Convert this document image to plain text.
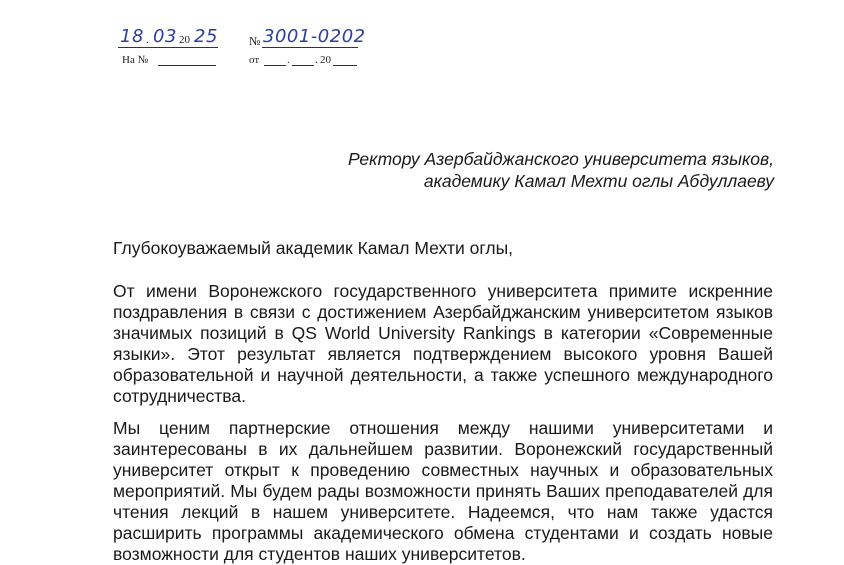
18 . 03 20 25	№ 3001-0202
На №	от	. . 20
Ректору Азербайджанского университета языков,
академику Камал Мехти оглы Абдуллаеву
Глубокоуважаемый академик Камал Мехти оглы,

От имени Воронежского государственного университета примите искренние поздравления в связи с достижением Азербайджанским университетом языков значимых позиций в QS World University Rankings в категории «Современные языки». Этот результат является подтверждением высокого уровня Вашей образовательной и научной деятельности, а также успешного международного сотрудничества.

Мы ценим партнерские отношения между нашими университетами и заинтересованы в их дальнейшем развитии. Воронежский государственный университет открыт к проведению совместных научных и образовательных мероприятий. Мы будем рады возможности принять Ваших преподавателей для чтения лекций в нашем университете. Надеемся, что нам также удастся расширить программы академического обмена студентами и создать новые возможности для студентов наших университетов.
